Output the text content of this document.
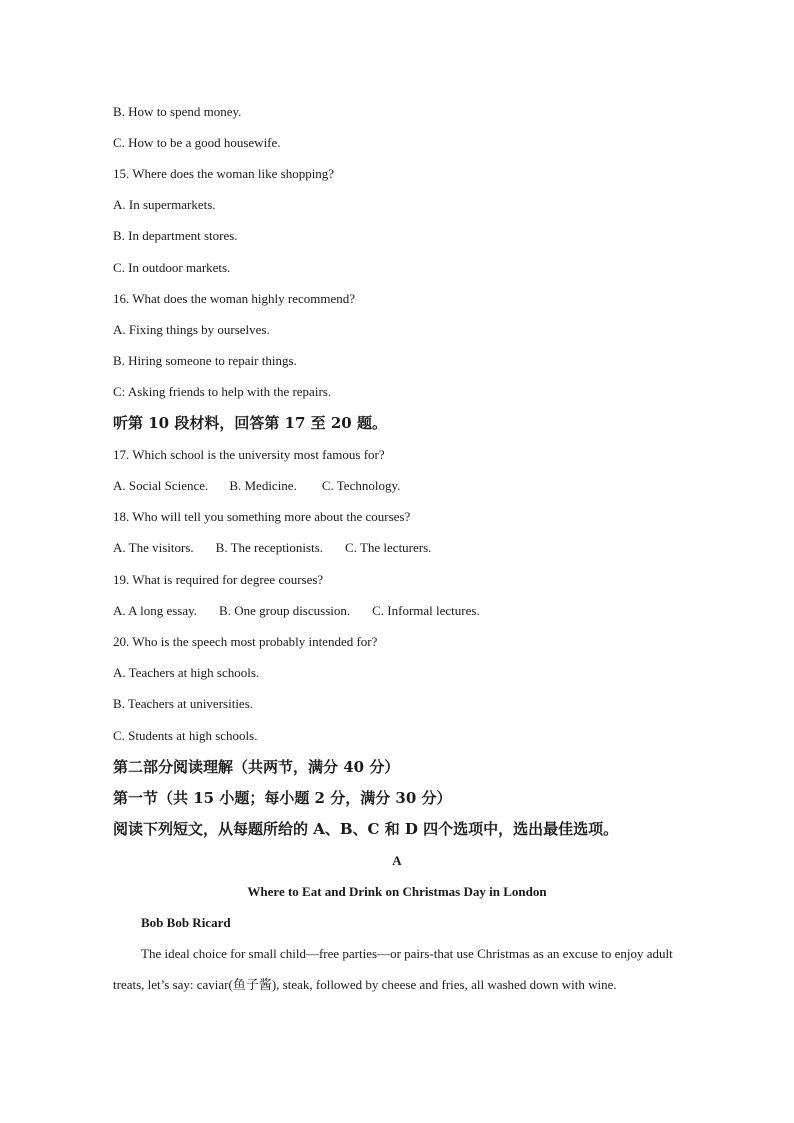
B. How to spend money.
C. How to be a good housewife.
15. Where does the woman like shopping?
A. In supermarkets.
B. In department stores.
C. In outdoor markets.
16. What does the woman highly recommend?
A. Fixing things by ourselves.
B. Hiring someone to repair things.
C: Asking friends to help with the repairs.
听第 10 段材料，回答第 17 至 20 题。
17. Which school is the university most famous for?
A. Social Science. B. Medicine. C. Technology.
18. Who will tell you something more about the courses?
A. The visitors. B. The receptionists. C. The lecturers.
19. What is required for degree courses?
A. A long essay. B. One group discussion. C. Informal lectures.
20. Who is the speech most probably intended for?
A. Teachers at high schools.
B. Teachers at universities.
C. Students at high schools.
第二部分阅读理解（共两节，满分 40 分）
第一节（共 15 小题；每小题 2 分，满分 30 分）
阅读下列短文，从每题所给的 A、B、C 和 D 四个选项中，选出最佳选项。
A
Where to Eat and Drink on Christmas Day in London
Bob Bob Ricard
The ideal choice for small child—free parties—or pairs-that use Christmas as an excuse to enjoy adult treats, let’s say: caviar(鱼子酱), steak, followed by cheese and fries, all washed down with wine.
